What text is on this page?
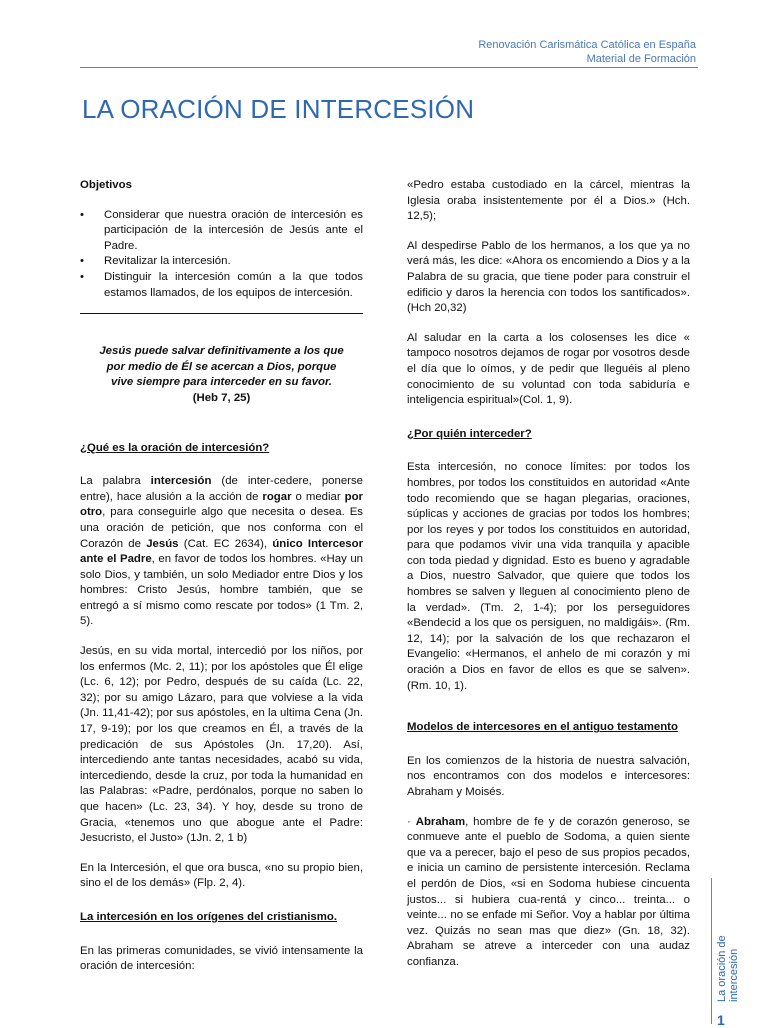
Renovación Carismática Católica en España
Material de Formación
LA ORACIÓN DE INTERCESIÓN
Objetivos
• Considerar que nuestra oración de intercesión es participación de la intercesión de Jesús ante el Padre.
• Revitalizar la intercesión.
• Distinguir la intercesión común a la que todos estamos llamados, de los equipos de intercesión.
Jesús puede salvar definitivamente a los que por medio de Él se acercan a Dios, porque vive siempre para interceder en su favor.
(Heb 7, 25)
¿Qué es la oración de intercesión?

La palabra intercesión (de inter-cedere, ponerse entre), hace alusión a la acción de rogar o mediar por otro, para conseguirle algo que necesita o desea. Es una oración de petición, que nos conforma con el Corazón de Jesús (Cat. EC 2634), único Intercesor ante el Padre, en favor de todos los hombres. «Hay un solo Dios, y también, un solo Mediador entre Dios y los hombres: Cristo Jesús, hombre también, que se entregó a sí mismo como rescate por todos» (1 Tm. 2, 5).

Jesús, en su vida mortal, intercedió por los niños, por los enfermos (Mc. 2, 11); por los apóstoles que Él elige (Lc. 6, 12); por Pedro, después de su caída (Lc. 22, 32); por su amigo Lázaro, para que volviese a la vida (Jn. 11,41-42); por sus apóstoles, en la ultima Cena (Jn. 17, 9-19); por los que creamos en Él, a través de la predicación de sus Apóstoles (Jn. 17,20). Así, intercediendo ante tantas necesidades, acabó su vida, intercediendo, desde la cruz, por toda la humanidad en las Palabras: «Padre, perdónalos, porque no saben lo que hacen» (Lc. 23, 34). Y hoy, desde su trono de Gracia, «tenemos uno que abogue ante el Padre: Jesucristo, el Justo» (1Jn. 2, 1 b)

En la Intercesión, el que ora busca, «no su propio bien, sino el de los demás» (Flp. 2, 4).

La intercesión en los orígenes del cristianismo.

En las primeras comunidades, se vivió intensamente la oración de intercesión:

«Pedro estaba custodiado en la cárcel, mientras la Iglesia oraba insistentemente por él a Dios.» (Hch. 12,5);

Al despedirse Pablo de los hermanos, a los que ya no verá más, les dice: «Ahora os encomiendo a Dios y a la Palabra de su gracia, que tiene poder para construir el edificio y daros la herencia con todos los santificados». (Hch 20,32)

Al saludar en la carta a los colosenses les dice « tampoco nosotros dejamos de rogar por vosotros desde el día que lo oímos, y de pedir que lleguéis al pleno conocimiento de su voluntad con toda sabiduría e inteligencia espiritual»(Col. 1, 9).

¿Por quién interceder?

Esta intercesión, no conoce límites: por todos los hombres, por todos los constituidos en autoridad «Ante todo recomiendo que se hagan plegarias, oraciones, súplicas y acciones de gracias por todos los hombres; por los reyes y por todos los constituidos en autoridad, para que podamos vivir una vida tranquila y apacible con toda piedad y dignidad. Esto es bueno y agradable a Dios, nuestro Salvador, que quiere que todos los hombres se salven y lleguen al conocimiento pleno de la verdad». (Tm. 2, 1-4); por los perseguidores «Bendecid a los que os persiguen, no maldigáis». (Rm. 12, 14); por la salvación de los que rechazaron el Evangelio: «Hermanos, el anhelo de mi corazón y mi oración a Dios en favor de ellos es que se salven». (Rm. 10, 1).

Modelos de intercesores en el antiguo testamento

En los comienzos de la historia de nuestra salvación, nos encontramos con dos modelos e intercesores: Abraham y Moisés.

· Abraham, hombre de fe y de corazón generoso, se conmueve ante el pueblo de Sodoma, a quien siente que va a perecer, bajo el peso de sus propios pecados, e inicia un camino de persistente intercesión. Reclama el perdón de Dios, «si en Sodoma hubiese cincuenta justos... si hubiera cua-rentá y cinco... treinta... o veinte... no se enfade mi Señor. Voy a hablar por última vez. Quizás no sean mas que diez» (Gn. 18, 32). Abraham se atreve a interceder con una audaz confianza.	La oración de intercesión
1
